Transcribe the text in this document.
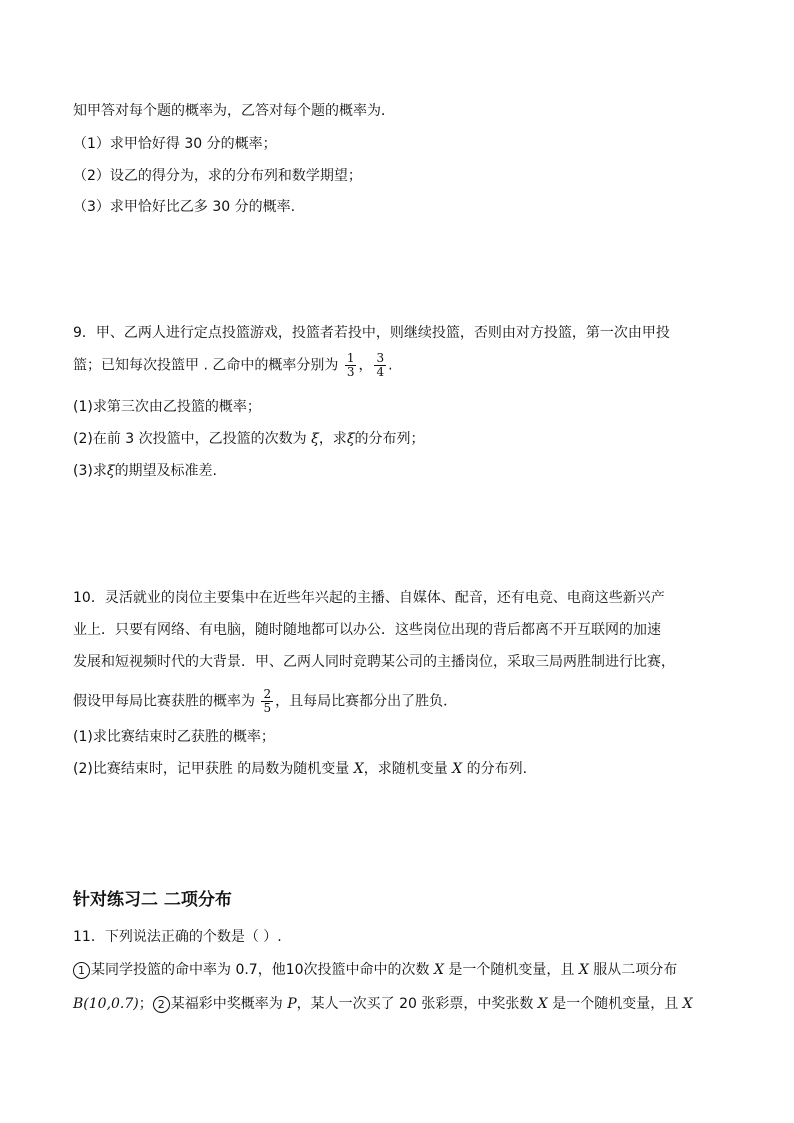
知甲答对每个题的概率为，乙答对每个题的概率为．
（1）求甲恰好得 30 分的概率；
（2）设乙的得分为，求的分布列和数学期望；
（3）求甲恰好比乙多 30 分的概率.
9．甲、乙两人进行定点投篮游戏，投篮者若投中，则继续投篮，否则由对方投篮，第一次由甲投
篮；已知每次投篮甲 . 乙命中的概率分别为 $\frac{1}{3}$ ， $\frac{3}{4}$ .
(1)求第三次由乙投篮的概率；
(2)在前 3 次投篮中，乙投篮的次数为 ξ，求ξ的分布列；
(3)求ξ的期望及标准差.
10．灵活就业的岗位主要集中在近些年兴起的主播、自媒体、配音，还有电竞、电商这些新兴产
业上．只要有网络、有电脑，随时随地都可以办公．这些岗位出现的背后都离不开互联网的加速
发展和短视频时代的大背景．甲、乙两人同时竞聘某公司的主播岗位，采取三局两胜制进行比赛，
假设甲每局比赛获胜的概率为 $\frac{2}{5}$ ，且每局比赛都分出了胜负．
(1)求比赛结束时乙获胜的概率；
(2)比赛结束时，记甲获胜 的局数为随机变量 X，求随机变量 X 的分布列.
针对练习二 二项分布
11．下列说法正确的个数是（ ）.
1 某同学投篮的命中率为 0.7，他10次投篮中命中的次数 X 是一个随机变量，且 X 服从二项分布
B(10,0.7)； 2 某福彩中奖概率为 P，某人一次买了 20 张彩票，中奖张数 X 是一个随机变量，且 X
